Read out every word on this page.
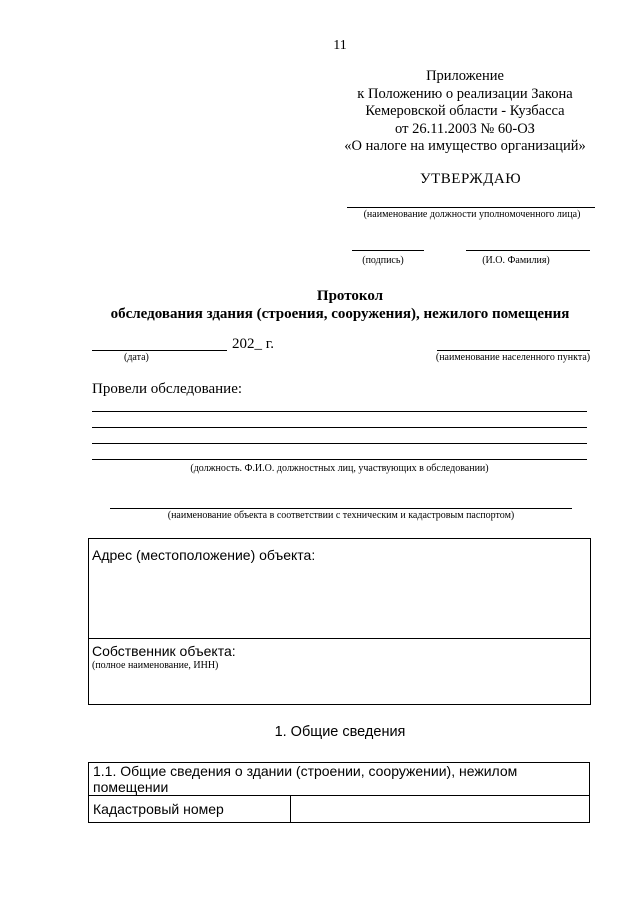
11
Приложение
к Положению о реализации Закона
Кемеровской области - Кузбасса
от 26.11.2003 № 60-ОЗ
«О налоге на имущество организаций»
УТВЕРЖДАЮ
(наименование должности уполномоченного лица)
(подпись)	(И.О. Фамилия)
Протокол
обследования здания (строения, сооружения), нежилого помещения
202_ г.
(дата)	(наименование населенного пункта)
Провели обследование:
(должность. Ф.И.О. должностных лиц, участвующих в обследовании)
(наименование объекта в соответствии с техническим и кадастровым паспортом)
Адрес (местоположение) объекта:
Собственник объекта:
(полное наименование, ИНН)
1. Общие сведения
1.1. Общие сведения о здании (строении, сооружении), нежилом помещении
Кадастровый номер	
